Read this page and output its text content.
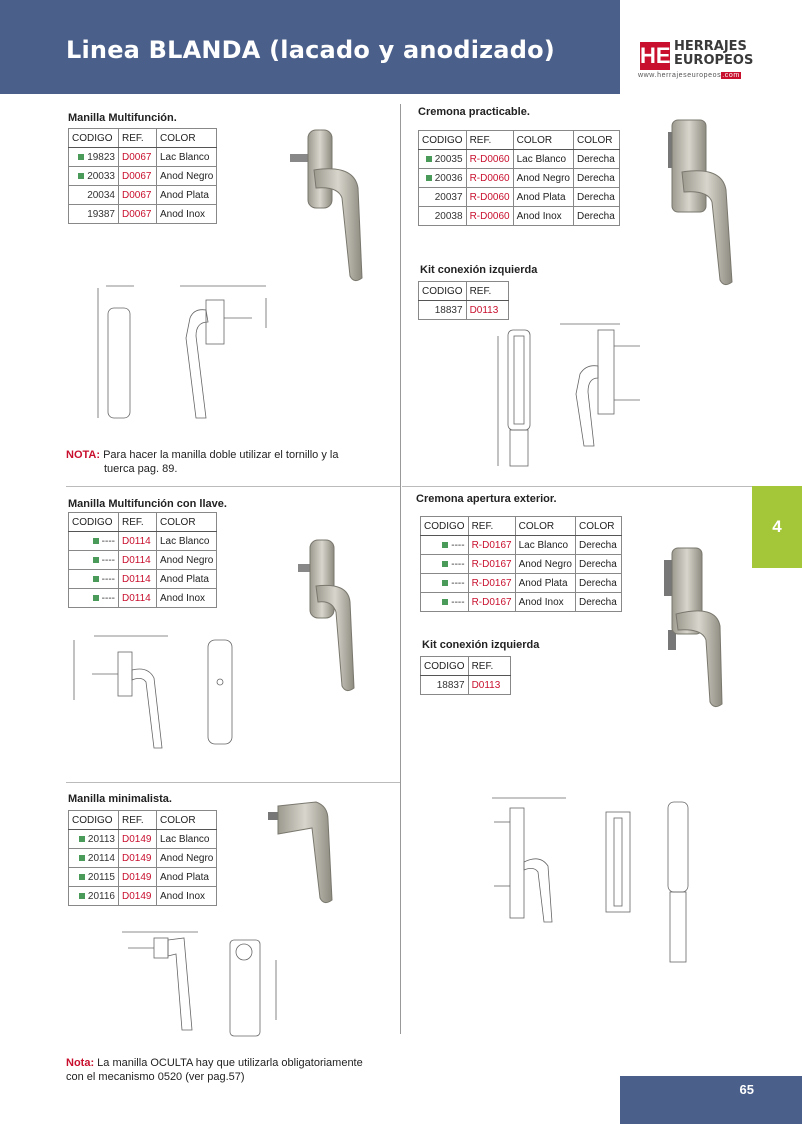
Linea BLANDA (lacado y anodizado)	HE HERRAJES
EUROPEOS
www.herrajeseuropeos.com
Manilla Multifunción.
CODIGO	REF.	COLOR
19823	D0067	Lac Blanco
20033	D0067	Anod Negro
20034	D0067	Anod Plata
19387	D0067	Anod Inox
Cremona practicable.
CODIGO	REF.	COLOR	COLOR
20035	R-D0060	Lac Blanco	Derecha
20036	R-D0060	Anod Negro	Derecha
20037	R-D0060	Anod Plata	Derecha
20038	R-D0060	Anod Inox	Derecha
Kit conexión izquierda
CODIGO	REF.
18837	D0113
NOTA: Para hacer la manilla doble utilizar el tornillo y la
tuerca pag. 89.
Manilla Multifunción con llave.
CODIGO	REF.	COLOR
----	D0114	Lac Blanco
----	D0114	Anod Negro
----	D0114	Anod Plata
----	D0114	Anod Inox
Cremona apertura exterior.
CODIGO	REF.	COLOR	COLOR
----	R-D0167	Lac Blanco	Derecha
----	R-D0167	Anod Negro	Derecha
----	R-D0167	Anod Plata	Derecha
----	R-D0167	Anod Inox	Derecha
Kit conexión izquierda
CODIGO	REF.
18837	D0113
Manilla minimalista.
CODIGO	REF.	COLOR
20113	D0149	Lac Blanco
20114	D0149	Anod Negro
20115	D0149	Anod Plata
20116	D0149	Anod Inox
Nota: La manilla OCULTA hay que utilizarla obligatoriamente
con el mecanismo 0520 (ver pag.57)
4
65
